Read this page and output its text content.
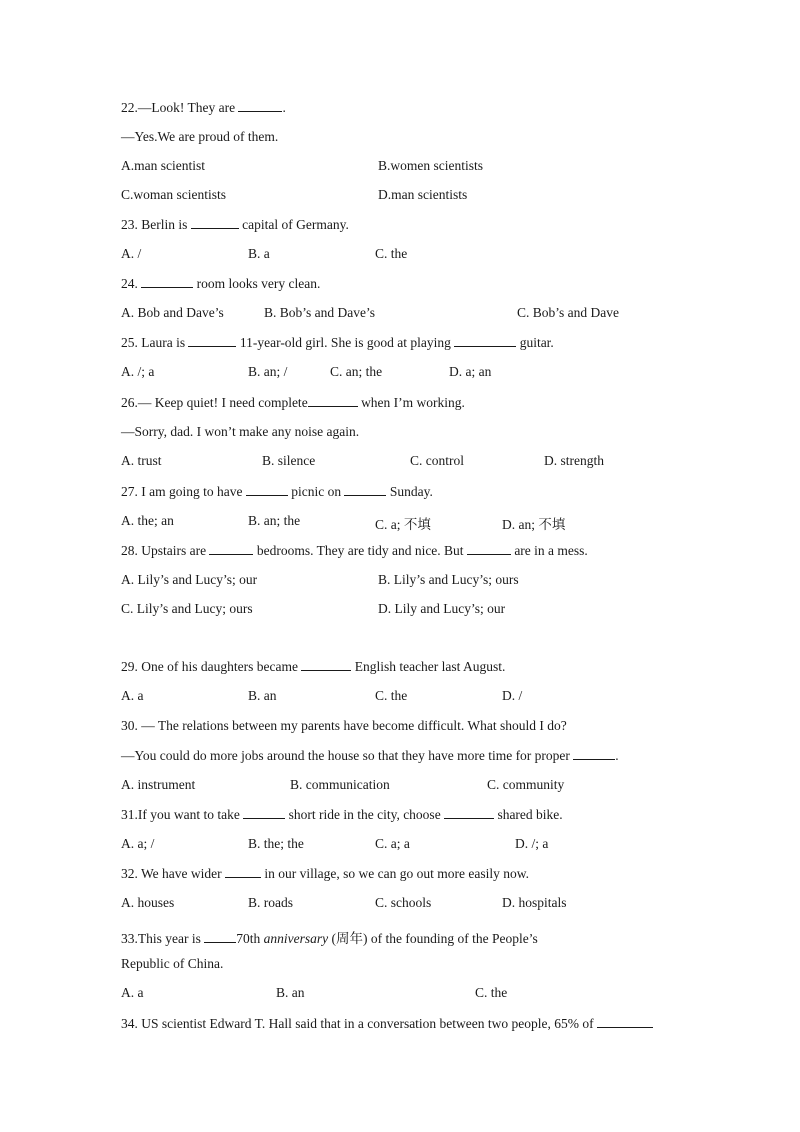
22.—Look! They are	.
—Yes.We are proud of them.
A.man scientist	B.women scientists
C.woman scientists	D.man scientists
23. Berlin is	capital of Germany.
A. /	B. a	C. the
24.	room looks very clean.
A. Bob and Dave’s	B. Bob’s and Dave’s	C. Bob’s and Dave
25. Laura is	11-year-old girl. She is good at playing	guitar.
A. /; a	B. an; /	C. an; the	D. a; an
26.— Keep quiet! I need complete	when I’m working.
—Sorry, dad. I won’t make any noise again.
A. trust	B. silence	C. control	D. strength
27. I am going to have	picnic on	Sunday.
A. the; an	B. an; the	C. a; 不填	D. an; 不填
28. Upstairs are	bedrooms. They are tidy and nice. But	are in a mess.
A. Lily’s and Lucy’s; our	B. Lily’s and Lucy’s; ours
C. Lily’s and Lucy; ours	D. Lily and Lucy’s; our
29. One of his daughters became	English teacher last August.
A. a	B. an	C. the	D. /
30. — The relations between my parents have become difficult. What should I do?
—You could do more jobs around the house so that they have more time for proper	.
A. instrument	B. communication	C. community
31.If you want to take	short ride in the city, choose	shared bike.
A. a; /	B. the; the	C. a; a	D. /; a
32. We have wider	in our village, so we can go out more easily now.
A. houses	B. roads	C. schools	D. hospitals
33.This year is 70th anniversary (周年) of the founding of the People’s
Republic of China.
A. a	B. an	C. the
34. US scientist Edward T. Hall said that in a conversation between two people, 65% of
